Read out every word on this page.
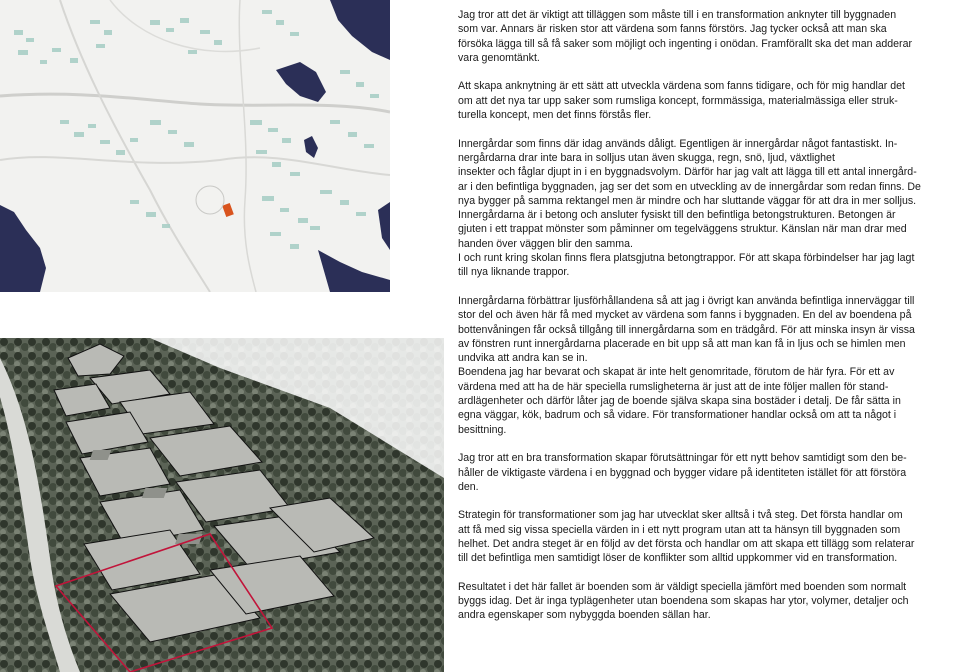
Jag tror att det är viktigt att tilläggen som måste till i en transformation anknyter till byggnaden
som var. Annars är risken stor att värdena som fanns förstörs. Jag tycker också att man ska
försöka lägga till så få saker som möjligt och ingenting i onödan. Framförallt ska det man adderar
vara genomtänkt.
Att skapa anknytning är ett sätt att utveckla värdena som fanns tidigare, och för mig handlar det
om att det nya tar upp saker som rumsliga koncept, formmässiga, materialmässiga eller struk-
turella koncept, men det finns förstås fler.
Innergårdar som finns där idag används dåligt. Egentligen är innergårdar något fantastiskt. In-
nergårdarna drar inte bara in solljus utan även skugga, regn, snö, ljud, växtlighet
insekter och fåglar djupt in i en byggnadsvolym. Därför har jag valt att lägga till ett antal innergård-
ar i den befintliga byggnaden, jag ser det som en utveckling av de innergårdar som redan finns. De
nya bygger på samma rektangel men är mindre och har sluttande väggar för att dra in mer solljus.
Innergårdarna är i betong och ansluter fysiskt till den befintliga betongstrukturen. Betongen är
gjuten i ett trappat mönster som påminner om tegelväggens struktur. Känslan när man drar med
handen över väggen blir den samma.
I och runt kring skolan finns flera platsgjutna betongtrappor. För att skapa förbindelser har jag lagt
till nya liknande trappor.
Innergårdarna förbättrar ljusförhållandena så att jag i övrigt kan använda befintliga innerväggar till
stor del och även här få med mycket av värdena som fanns i byggnaden. En del av boendena på
bottenvåningen får också tillgång till innergårdarna som en trädgård. För att minska insyn är vissa
av fönstren runt innergårdarna placerade en bit upp så att man kan få in ljus och se himlen men
undvika att andra kan se in.
Boendena jag har bevarat och skapat är inte helt genomritade, förutom de här fyra. För ett av
värdena med att ha de här speciella rumsligheterna är just att de inte följer mallen för stand-
ardlägenheter och därför låter jag de boende själva skapa sina bostäder i detalj. De får sätta in
egna väggar, kök, badrum och så vidare. För transformationer handlar också om att ta något i
besittning.
Jag tror att en bra transformation skapar förutsättningar för ett nytt behov samtidigt som den be-
håller de viktigaste värdena i en byggnad och bygger vidare på identiteten istället för att förstöra
den.
Strategin för transformationer som jag har utvecklat sker alltså i två steg. Det första handlar om
att få med sig vissa speciella värden in i ett nytt program utan att ta hänsyn till byggnaden som
helhet. Det andra steget är en följd av det första och handlar om att skapa ett tillägg som relaterar
till det befintliga men samtidigt löser de konflikter som alltid uppkommer vid en transformation.
Resultatet i det här fallet är boenden som är väldigt speciella jämfört med boenden som normalt
byggs idag. Det är inga typlägenheter utan boendena som skapas har ytor, volymer, detaljer och
andra egenskaper som nybyggda boenden sällan har.
